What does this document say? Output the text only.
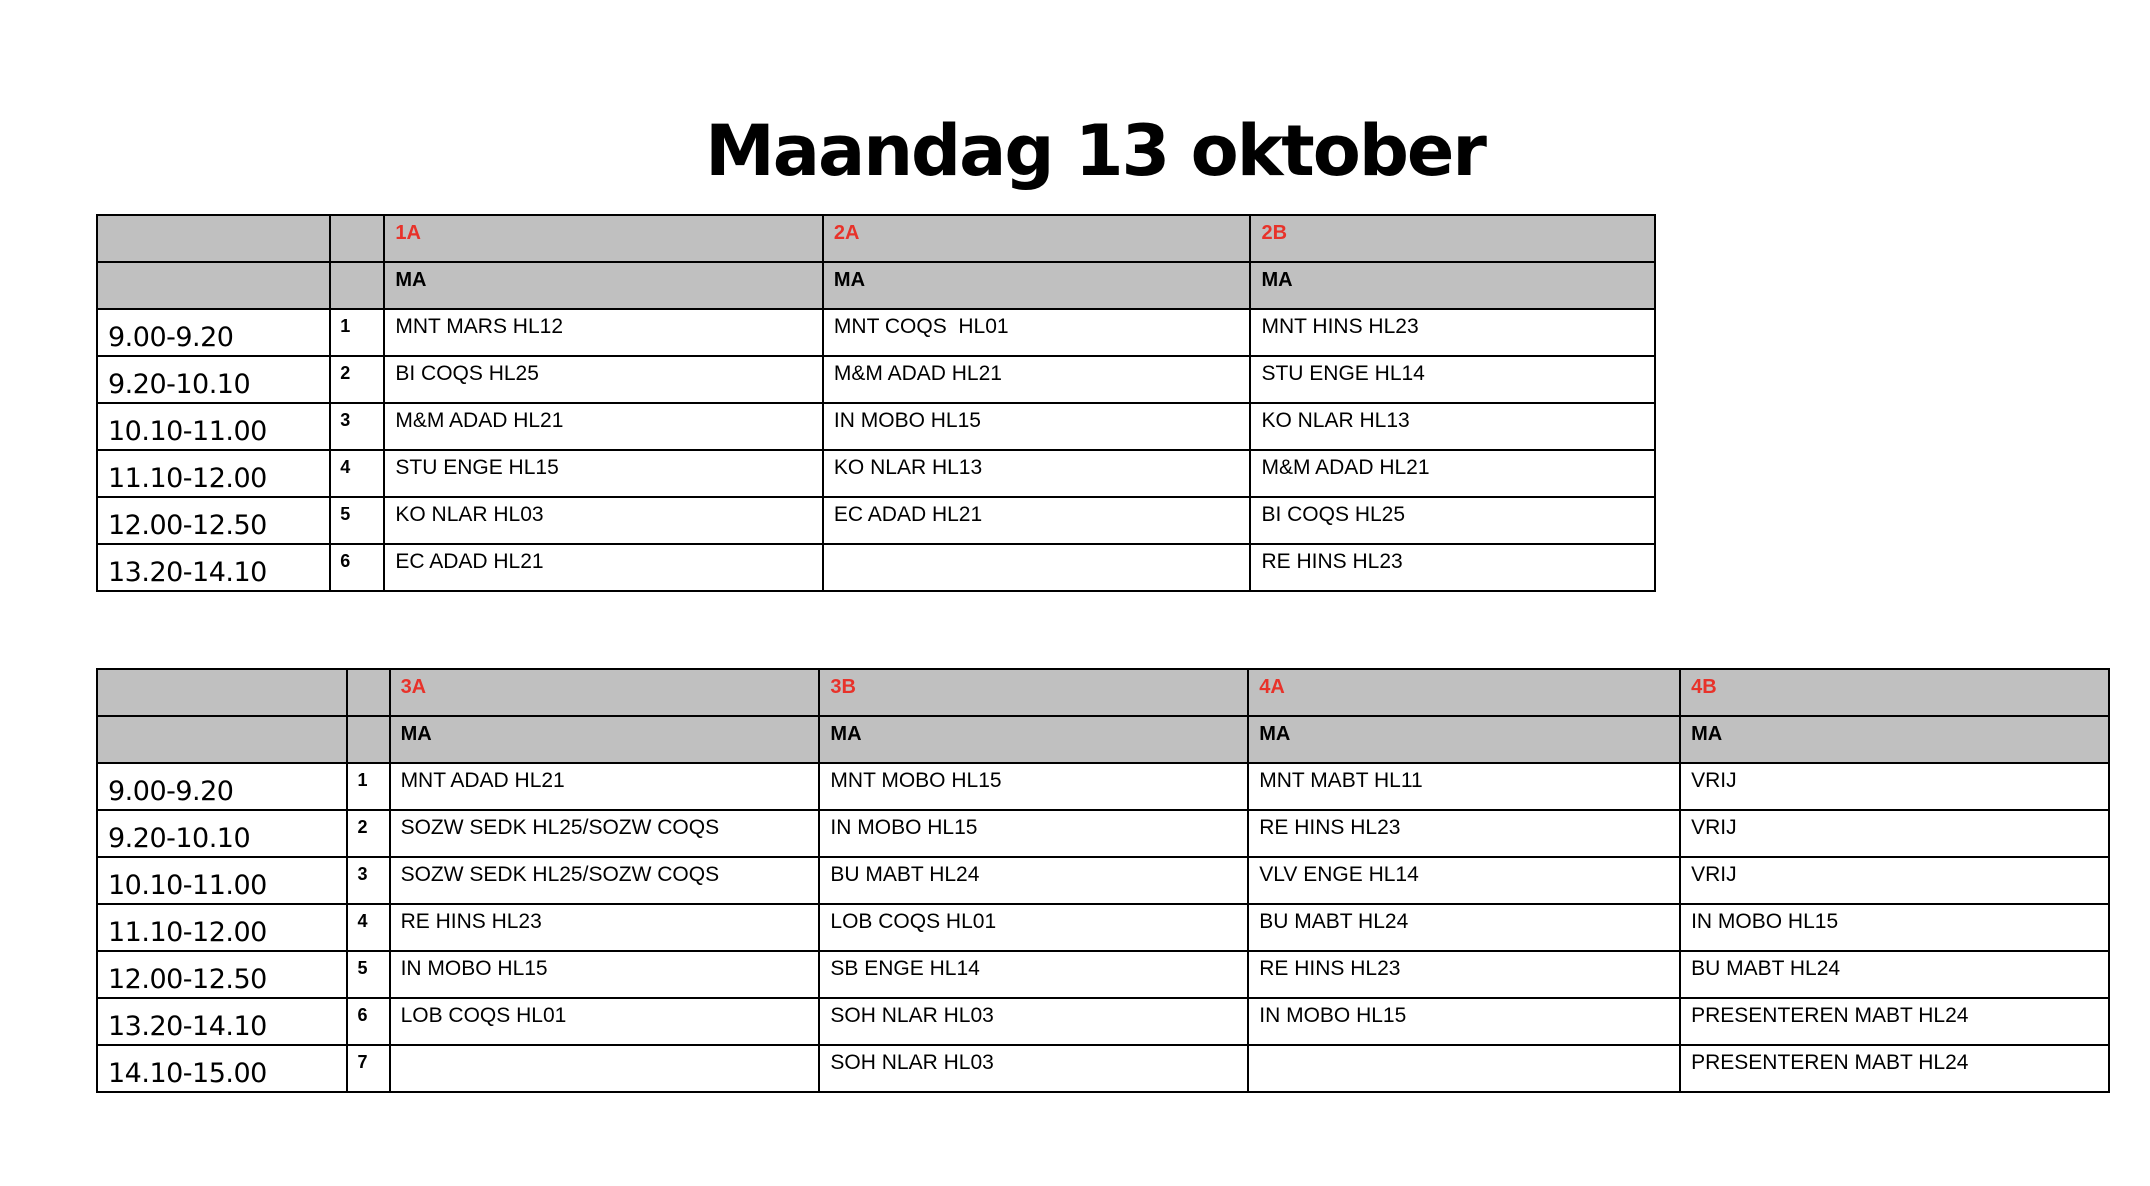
Maandag 13 oktober

		1A	2A	2B

		MA	MA	MA

9.00-9.20	1	MNT MARS HL12	MNT COQS  HL01	MNT HINS HL23

9.20-10.10	2	BI COQS HL25	M&M ADAD HL21	STU ENGE HL14

10.10-11.00	3	M&M ADAD HL21	IN MOBO HL15	KO NLAR HL13

11.10-12.00	4	STU ENGE HL15	KO NLAR HL13	M&M ADAD HL21

12.00-12.50	5	KO NLAR HL03	EC ADAD HL21	BI COQS HL25

13.20-14.10	6	EC ADAD HL21		RE HINS HL23

		3A	3B	4A	4B

		MA	MA	MA	MA

9.00-9.20	1	MNT ADAD HL21	MNT MOBO HL15	MNT MABT HL11	VRIJ

9.20-10.10	2	SOZW SEDK HL25/SOZW COQS	IN MOBO HL15	RE HINS HL23	VRIJ

10.10-11.00	3	SOZW SEDK HL25/SOZW COQS	BU MABT HL24	VLV ENGE HL14	VRIJ

11.10-12.00	4	RE HINS HL23	LOB COQS HL01	BU MABT HL24	IN MOBO HL15

12.00-12.50	5	IN MOBO HL15	SB ENGE HL14	RE HINS HL23	BU MABT HL24

13.20-14.10	6	LOB COQS HL01	SOH NLAR HL03	IN MOBO HL15	PRESENTEREN MABT HL24

14.10-15.00	7		SOH NLAR HL03		PRESENTEREN MABT HL24
